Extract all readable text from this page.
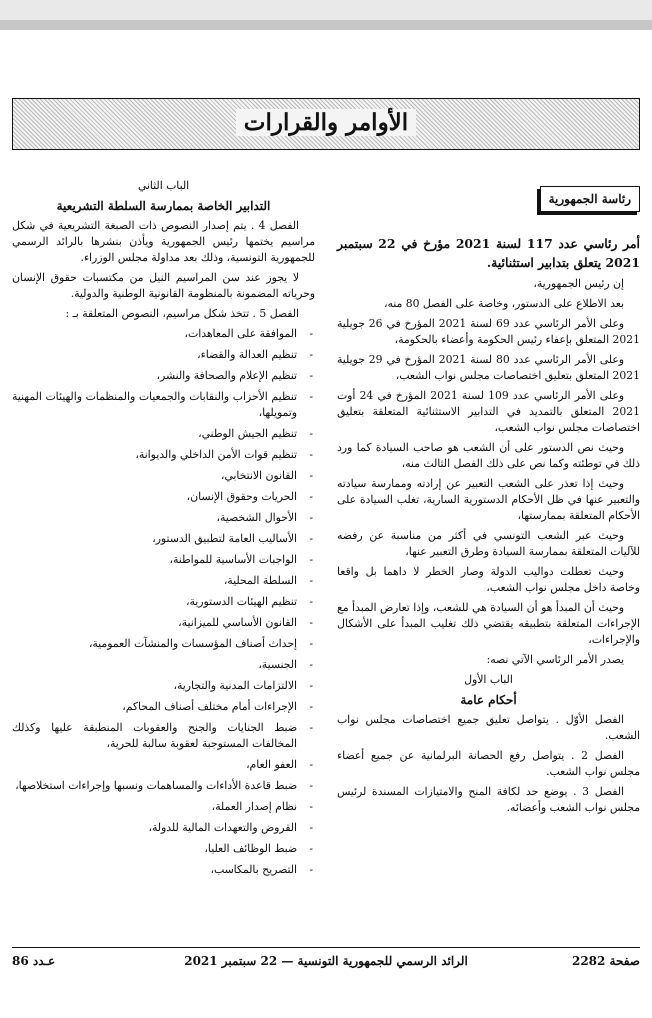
الأوامر والقرارات
رئاسة الجمهورية

أمر رئاسي عدد 117 لسنة 2021 مؤرخ في 22 سبتمبر 2021 يتعلق بتدابير استثنائية.

إن رئيس الجمهورية،

بعد الاطلاع على الدستور، وخاصة على الفصل 80 منه،

وعلى الأمر الرئاسي عدد 69 لسنة 2021 المؤرخ في 26 جويلية 2021 المتعلق بإعفاء رئيس الحكومة وأعضاء بالحكومة،

وعلى الأمر الرئاسي عدد 80 لسنة 2021 المؤرخ في 29 جويلية 2021 المتعلق بتعليق اختصاصات مجلس نواب الشعب،

وعلى الأمر الرئاسي عدد 109 لسنة 2021 المؤرخ في 24 أوت 2021 المتعلق بالتمديد في التدابير الاستثنائية المتعلقة بتعليق اختصاصات مجلس نواب الشعب،

وحيث نص الدستور على أن الشعب هو صاحب السيادة كما ورد ذلك في توطئته وكما نص على ذلك الفصل الثالث منه،

وحيث إذا تعذر على الشعب التعبير عن إرادته وممارسة سيادته والتعبير عنها في ظل الأحكام الدستورية السارية، تغلب السيادة على الأحكام المتعلقة بممارستها،

وحيث عبر الشعب التونسي في أكثر من مناسبة عن رفضه للآليات المتعلقة بممارسة السيادة وطرق التعبير عنها،

وحيث تعطلت دواليب الدولة وصار الخطر لا داهما بل واقعا وخاصة داخل مجلس نواب الشعب،

وحيث أن المبدأ هو أن السيادة هي للشعب، وإذا تعارض المبدأ مع الإجراءات المتعلقة بتطبيقه يقتضي ذلك تغليب المبدأ على الأشكال والإجراءات،

يصدر الأمر الرئاسي الآتي نصه:

الباب الأول

أحكام عامة

الفصل الأوّل . يتواصل تعليق جميع اختصاصات مجلس نواب الشعب.

الفصل 2 . يتواصل رفع الحصانة البرلمانية عن جميع أعضاء مجلس نواب الشعب.

الفصل 3 . يوضع حد لكافة المنح والامتيازات المسندة لرئيس مجلس نواب الشعب وأعضائه.

الباب الثاني

التدابير الخاصة بممارسة السلطة التشريعية

الفصل 4 . يتم إصدار النصوص ذات الصبغة التشريعية في شكل مراسيم يختمها رئيس الجمهورية ويأذن بنشرها بالرائد الرسمي للجمهورية التونسية، وذلك بعد مداولة مجلس الوزراء.

لا يجوز عند سن المراسيم النيل من مكتسبات حقوق الإنسان وحرياته المضمونة بالمنظومة القانونية الوطنية والدولية.

الفصل 5 . تتخذ شكل مراسيم، النصوص المتعلقة بـ :

- الموافقة على المعاهدات،
- تنظيم العدالة والقضاء،
- تنظيم الإعلام والصحافة والنشر،
- تنظيم الأحزاب والنقابات والجمعيات والمنظمات والهيئات المهنية وتمويلها،
- تنظيم الجيش الوطني،
- تنظيم قوات الأمن الداخلي والديوانة،
- القانون الانتخابي،
- الحريات وحقوق الإنسان،
- الأحوال الشخصية،
- الأساليب العامة لتطبيق الدستور،
- الواجبات الأساسية للمواطنة،
- السلطة المحلية،
- تنظيم الهيئات الدستورية،
- القانون الأساسي للميزانية،
- إحداث أصناف المؤسسات والمنشآت العمومية،
- الجنسية،
- الالتزامات المدنية والتجارية،
- الإجراءات أمام مختلف أصناف المحاكم،
- ضبط الجنايات والجنح والعقوبات المنطبقة عليها وكذلك المخالفات المستوجبة لعقوبة سالبة للحرية،
- العفو العام،
- ضبط قاعدة الأداءات والمساهمات ونسبها وإجراءات استخلاصها،
- نظام إصدار العملة،
- القروض والتعهدات المالية للدولة،
- ضبط الوظائف العليا،
- التصريح بالمكاسب،
صفحة 2282
الرائد الرسمي للجمهورية التونسية — 22 سبتمبر 2021
عـدد 86
